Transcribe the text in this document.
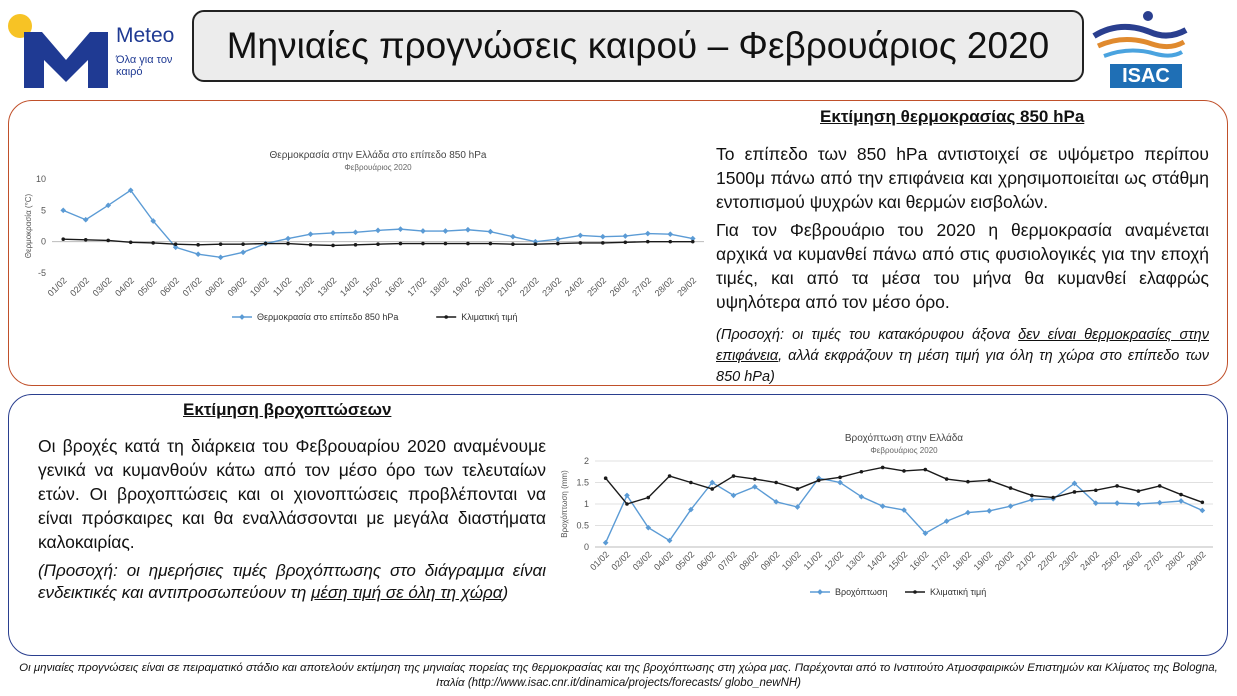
Meteo
Όλα για τον καιρό
Μηνιαίες προγνώσεις καιρού – Φεβρουάριος 2020
ISAC
Θερμοκρασία στην Ελλάδα στο επίπεδο 850 hPa
Φεβρουάριος 2020
-5
0
5
10
Θερμοκρασία (°C)
01/02 02/02 03/02 04/02 05/02 06/02 07/02 08/02 09/02 10/02 11/02 12/02 13/02 14/02 15/02 16/02 17/02 18/02 19/02 20/02 21/02 22/02 23/02 24/02 25/02 26/02 27/02 28/02 29/02
Θερμοκρασία στο επίπεδο 850 hPa	Κλιματική τιμή
Εκτίμηση θερμοκρασίας 850 hPa
Το επίπεδο των 850 hPa αντιστοιχεί σε υψόμετρο περίπου 1500μ πάνω από την επιφάνεια και χρησιμοποιείται ως στάθμη εντοπισμού ψυχρών και θερμών εισβολών.
Για τον Φεβρουάριο του 2020 η θερμοκρασία αναμένεται αρχικά να κυμανθεί πάνω από στις φυσιολογικές για την εποχή τιμές, και από τα μέσα του μήνα θα κυμανθεί ελαφρώς υψηλότερα από τον μέσο όρο.
(Προσοχή: οι τιμές του κατακόρυφου άξονα δεν είναι θερμοκρασίες στην επιφάνεια, αλλά εκφράζουν τη μέση τιμή για όλη τη χώρα στο επίπεδο των 850 hPa)
Εκτίμηση βροχοπτώσεων
Οι βροχές κατά τη διάρκεια του Φεβρουαρίου 2020 αναμένουμε γενικά να κυμανθούν κάτω από τον μέσο όρο των τελευταίων ετών. Οι βροχοπτώσεις και οι χιονοπτώσεις προβλέπονται να είναι πρόσκαιρες και θα εναλλάσσονται με μεγάλα διαστήματα καλοκαιρίας.
(Προσοχή: οι ημερήσιες τιμές βροχόπτωσης στο διάγραμμα είναι ενδεικτικές και αντιπροσωπεύουν τη μέση τιμή σε όλη τη χώρα)
Βροχόπτωση στην Ελλάδα
Φεβρουάριος 2020
0
0.5
1
1.5
2
Βροχόπτωση (mm)
01/02
02/02
03/02
04/02
05/02
06/02
07/02
08/02
09/02
10/02
11/02
12/02
13/02
14/02
15/02
16/02
17/02
18/02
19/02
20/02
21/02
22/02
23/02
24/02
25/02
26/02
27/02
28/02
29/02
Βροχόπτωση	Κλιματική τιμή
Οι μηνιαίες προγνώσεις είναι σε πειραματικό στάδιο και αποτελούν εκτίμηση της μηνιαίας πορείας της θερμοκρασίας και της βροχόπτωσης στη χώρα μας. Παρέχονται από το Ινστιτούτο Ατμοσφαιρικών Επιστημών και Κλίματος της Bologna, Ιταλία (http://www.isac.cnr.it/dinamica/projects/forecasts/ globo_newNH)
